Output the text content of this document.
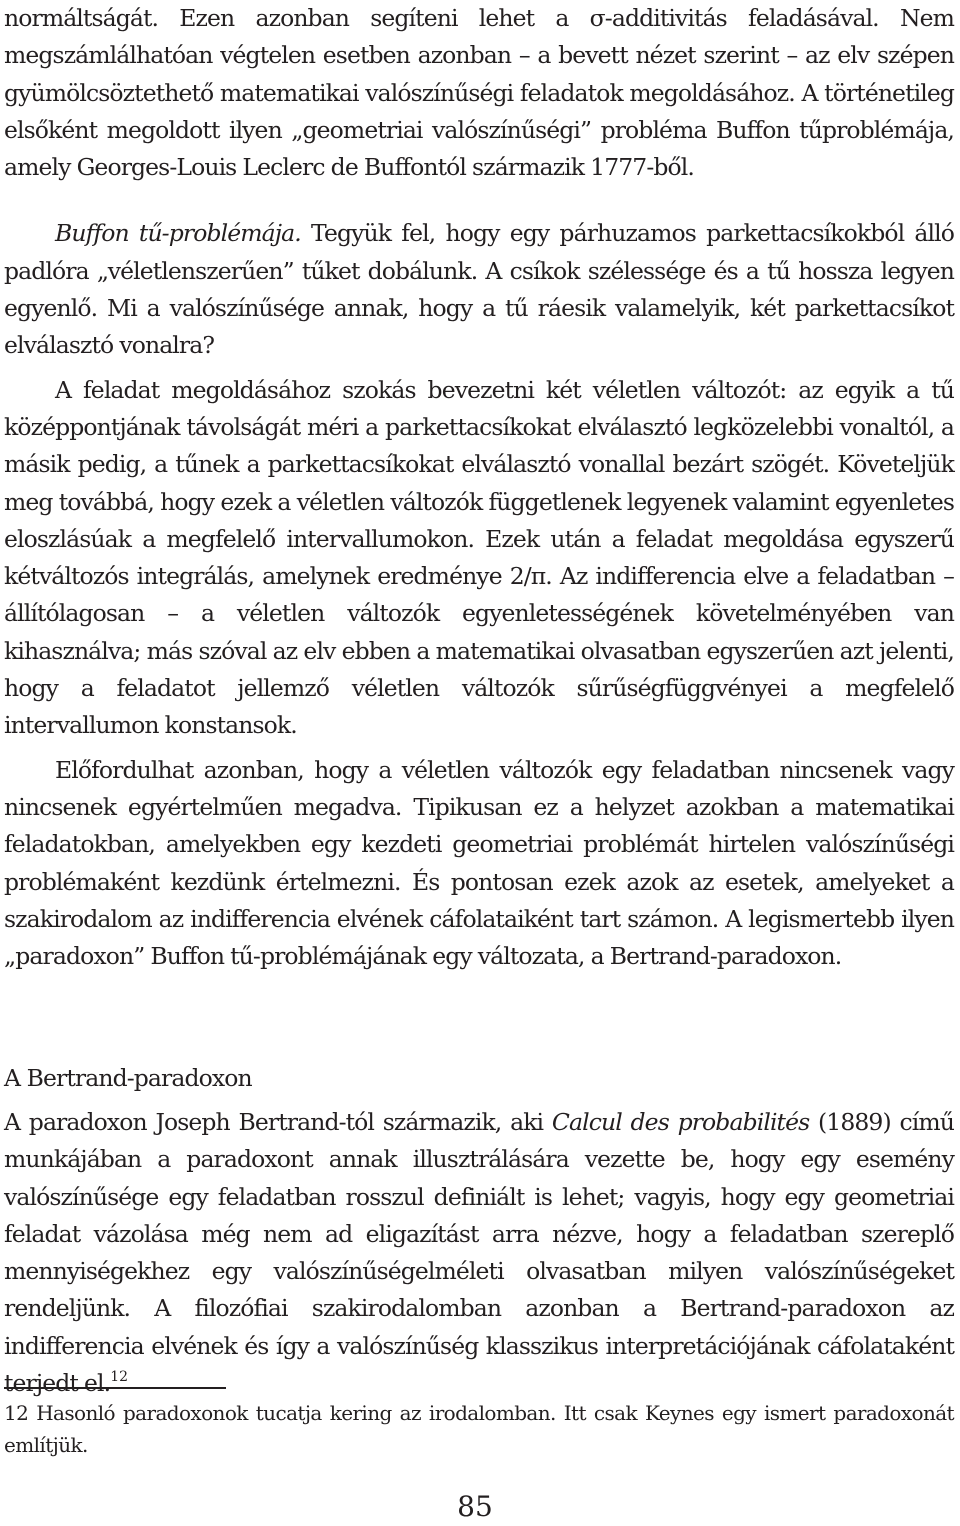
normáltságát. Ezen azonban segíteni lehet a σ-additivitás feladásával. Nem megszámlálhatóan végtelen esetben azonban – a bevett nézet szerint – az elv szépen gyümölcsöztethető matematikai valószínűségi feladatok megoldásához. A történetileg elsőként megoldott ilyen „geometriai valószínűségi” probléma Buffon tűproblémája, amely Georges-Louis Leclerc de Buffontól származik 1777-ből.

Buffon tű-problémája. Tegyük fel, hogy egy párhuzamos parkettacsíkokból álló padlóra „véletlenszerűen” tűket dobálunk. A csíkok szélessége és a tű hossza legyen egyenlő. Mi a valószínűsége annak, hogy a tű ráesik valamelyik, két parkettacsíkot elválasztó vonalra?

A feladat megoldásához szokás bevezetni két véletlen változót: az egyik a tű középpontjának távolságát méri a parkettacsíkokat elválasztó legközelebbi vonaltól, a másik pedig, a tűnek a parkettacsíkokat elválasztó vonallal bezárt szögét. Követeljük meg továbbá, hogy ezek a véletlen változók függetlenek legyenek valamint egyenletes eloszlásúak a megfelelő intervallumokon. Ezek után a feladat megoldása egyszerű kétváltozós integrálás, amelynek eredménye 2/π. Az indifferencia elve a feladatban – állítólagosan – a véletlen változók egyenletességének követelményében van kihasználva; más szóval az elv ebben a matematikai olvasatban egyszerűen azt jelenti, hogy a feladatot jellemző véletlen változók sűrűségfüggvényei a megfelelő intervallumon konstansok.

Előfordulhat azonban, hogy a véletlen változók egy feladatban nincsenek vagy nincsenek egyértelműen megadva. Tipikusan ez a helyzet azokban a matematikai feladatokban, amelyekben egy kezdeti geometriai problémát hirtelen valószínűségi problémaként kezdünk értelmezni. És pontosan ezek azok az esetek, amelyeket a szakirodalom az indifferencia elvének cáfolataiként tart számon. A legismertebb ilyen „paradoxon” Buffon tű-problémájának egy változata, a Bertrand-paradoxon.

A Bertrand-paradoxon

A paradoxon Joseph Bertrand-tól származik, aki Calcul des probabilités (1889) című munkájában a paradoxont annak illusztrálására vezette be, hogy egy esemény valószínűsége egy feladatban rosszul definiált is lehet; vagyis, hogy egy geometriai feladat vázolása még nem ad eligazítást arra nézve, hogy a feladatban szereplő mennyiségekhez egy valószínűségelméleti olvasatban milyen valószínűségeket rendeljünk. A filozófiai szakirodalomban azonban a Bertrand-paradoxon az indifferencia elvének és így a valószínűség klasszikus interpretációjának cáfolataként terjedt el.$^{12}$

12 Hasonló paradoxonok tucatja kering az irodalomban. Itt csak Keynes egy ismert paradoxonát említjük.

85
